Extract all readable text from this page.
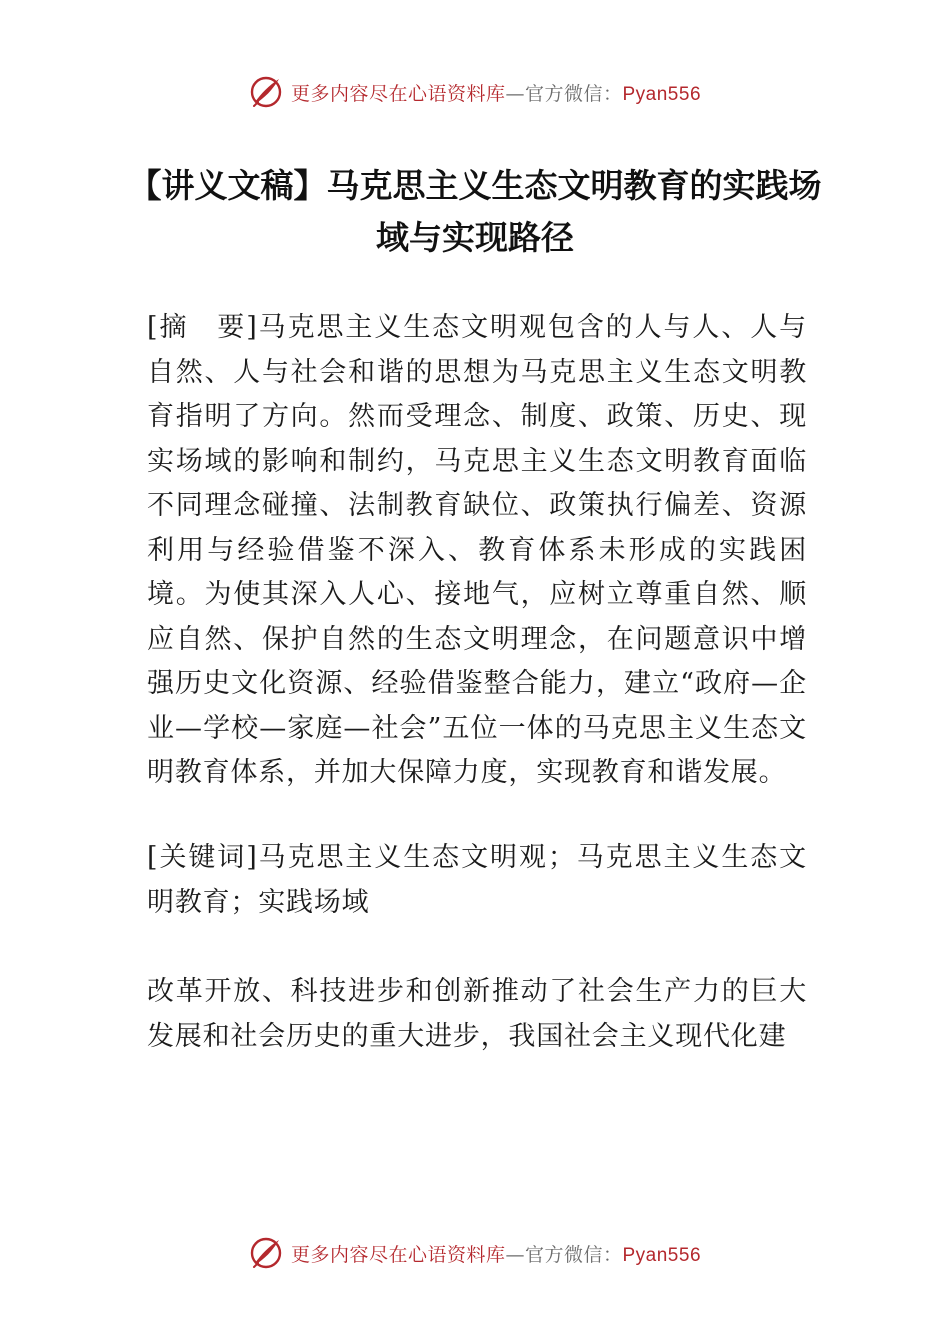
更多内容尽在心语资料库—官方微信：Pyan556
【讲义文稿】马克思主义生态文明教育的实践场域与实现路径

[摘　要]马克思主义生态文明观包含的人与人、人与自然、人与社会和谐的思想为马克思主义生态文明教育指明了方向。然而受理念、制度、政策、历史、现实场域的影响和制约，马克思主义生态文明教育面临不同理念碰撞、法制教育缺位、政策执行偏差、资源利用与经验借鉴不深入、教育体系未形成的实践困境。为使其深入人心、接地气，应树立尊重自然、顺应自然、保护自然的生态文明理念，在问题意识中增强历史文化资源、经验借鉴整合能力，建立“政府—企业—学校—家庭—社会”五位一体的马克思主义生态文明教育体系，并加大保障力度，实现教育和谐发展。

[关键词]马克思主义生态文明观；马克思主义生态文明教育；实践场域

改革开放、科技进步和创新推动了社会生产力的巨大发展和社会历史的重大进步，我国社会主义现代化建

更多内容尽在心语资料库—官方微信：Pyan556
